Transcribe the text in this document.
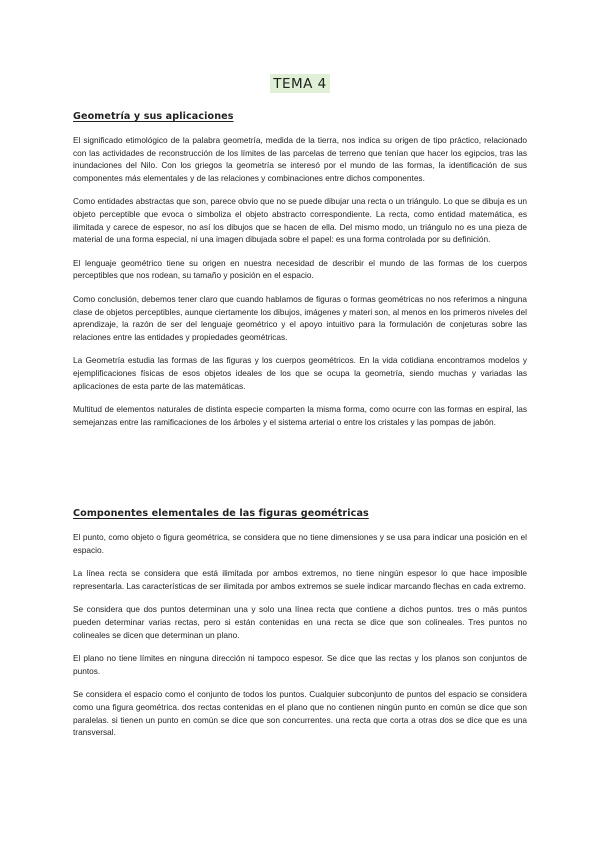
TEMA 4
Geometría y sus aplicaciones

El significado etimológico de la palabra geometría, medida de la tierra, nos indica su origen de tipo práctico, relacionado con las actividades de reconstrucción de los límites de las parcelas de terreno que tenían que hacer los egipcios, tras las inundaciones del Nilo. Con los griegos la geometría se interesó por el mundo de las formas, la identificación de sus componentes más elementales y de las relaciones y combinaciones entre dichos componentes.

Como entidades abstractas que son, parece obvio que no se puede dibujar una recta o un triángulo. Lo que se dibuja es un objeto perceptible que evoca o simboliza el objeto abstracto correspondiente. La recta, como entidad matemática, es ilimitada y carece de espesor, no así los dibujos que se hacen de ella. Del mismo modo, un triángulo no es una pieza de material de una forma especial, ni una imagen dibujada sobre el papel: es una forma controlada por su definición.

El lenguaje geométrico tiene su origen en nuestra necesidad de describir el mundo de las formas de los cuerpos perceptibles que nos rodean, su tamaño y posición en el espacio.

Como conclusión, debemos tener claro que cuando hablamos de figuras o formas geométricas no nos referimos a ninguna clase de objetos perceptibles, aunque ciertamente los dibujos, imágenes y materi son, al menos en los primeros niveles del aprendizaje, la razón de ser del lenguaje geométrico y el apoyo intuitivo para la formulación de conjeturas sobre las relaciones entre las entidades y propiedades geométricas.

La Geometría estudia las formas de las figuras y los cuerpos geométricos. En la vida cotidiana encontramos modelos y ejemplificaciones físicas de esos objetos ideales de los que se ocupa la geometría, siendo muchas y variadas las aplicaciones de esta parte de las matemáticas.

Multitud de elementos naturales de distinta especie comparten la misma forma, como ocurre con las formas en espiral, las semejanzas entre las ramificaciones de los árboles y el sistema arterial o entre los cristales y las pompas de jabón.

Componentes elementales de las figuras geométricas

El punto, como objeto o figura geométrica, se considera que no tiene dimensiones y se usa para indicar una posición en el espacio.

La línea recta se considera que está ilimitada por ambos extremos, no tiene ningún espesor lo que hace imposible representarla. Las características de ser ilimitada por ambos extremos se suele indicar marcando flechas en cada extremo.

Se considera que dos puntos determinan una y solo una línea recta que contiene a dichos puntos. tres o más puntos pueden determinar varias rectas, pero si están contenidas en una recta se dice que son colineales. Tres puntos no colineales se dicen que determinan un plano.

El plano no tiene límites en ninguna dirección ni tampoco espesor. Se dice que las rectas y los planos son conjuntos de puntos.

Se considera el espacio como el conjunto de todos los puntos. Cualquier subconjunto de puntos del espacio se considera como una figura geométrica. dos rectas contenidas en el plano que no contienen ningún punto en común se dice que son paralelas. si tienen un punto en común se dice que son concurrentes. una recta que corta a otras dos se dice que es una transversal.
